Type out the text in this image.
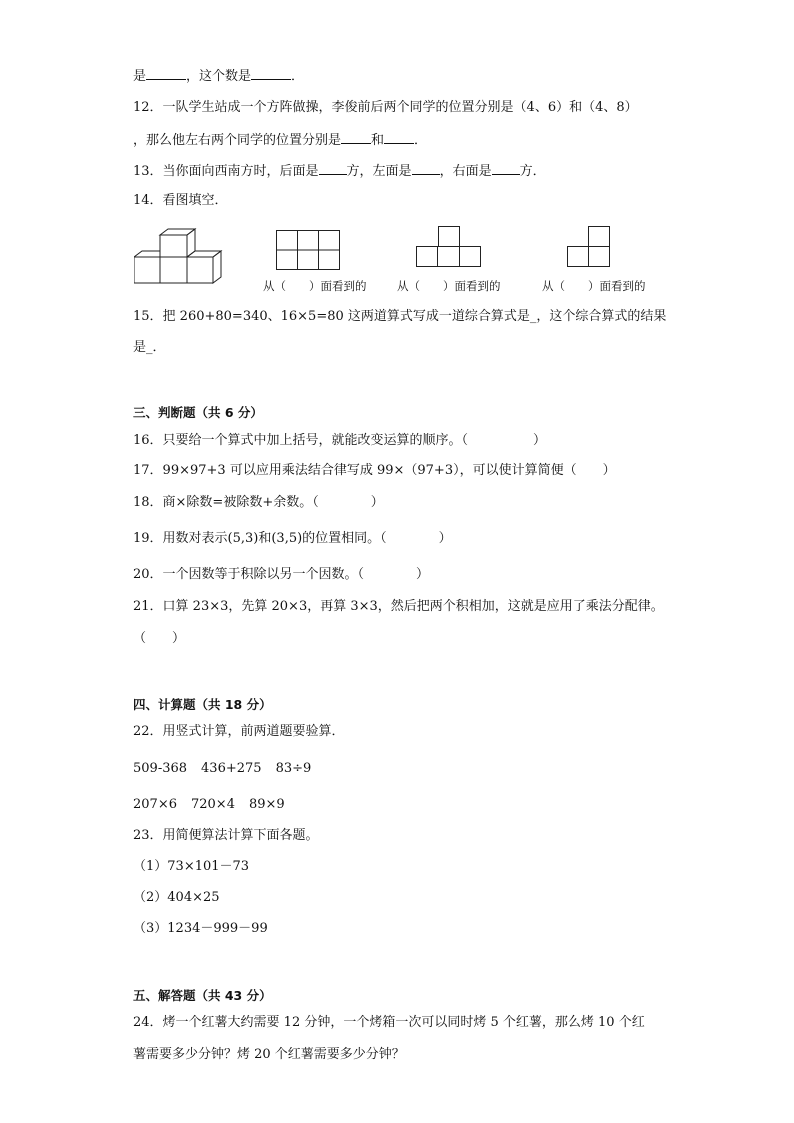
是	，这个数是	．
12．一队学生站成一个方阵做操，李俊前后两个同学的位置分别是（4、6）和（4、8）
，那么他左右两个同学的位置分别是 和 ．
13．当你面向西南方时，后面是 方，左面是 ，右面是 方．
14．看图填空．
从（　　）面看到的	从（　　）面看到的	从（　　）面看到的
15．把 260+80=340、16×5=80 这两道算式写成一道综合算式是_，这个综合算式的结果
是_．
三、判断题（共 6 分）
16．只要给一个算式中加上括号，就能改变运算的顺序。（　　　　　）
17．99×97+3 可以应用乘法结合律写成 99×（97+3），可以使计算简便（　　）
18．商×除数=被除数+余数。（　　　　）
19．用数对表示(5,3)和(3,5)的位置相同。（　　　　）
20．一个因数等于积除以另一个因数。（　　　　）
21．口算 23×3，先算 20×3，再算 3×3，然后把两个积相加，这就是应用了乘法分配律。
（　　）
四、计算题（共 18 分）
22．用竖式计算，前两道题要验算．
509-368 436+275 83÷9
207×6 720×4 89×9
23．用简便算法计算下面各题。
（1）73×101－73
（2）404×25
（3）1234－999－99
五、解答题（共 43 分）
24．烤一个红薯大约需要 12 分钟，一个烤箱一次可以同时烤 5 个红薯，那么烤 10 个红
薯需要多少分钟？烤 20 个红薯需要多少分钟？
